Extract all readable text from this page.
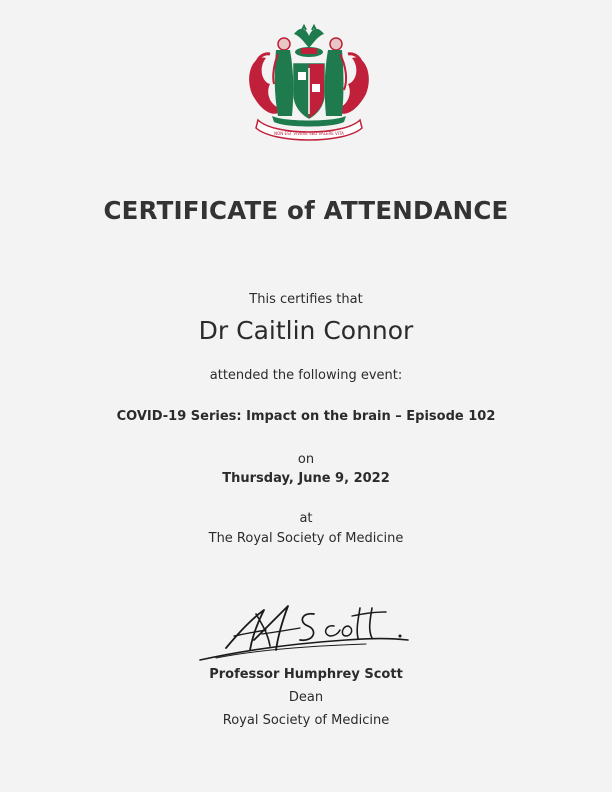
NON EST VIVERE SED VALERE VITA
CERTIFICATE of ATTENDANCE
This certifies that
Dr Caitlin Connor
attended the following event:
COVID-19 Series: Impact on the brain – Episode 102
on
Thursday, June 9, 2022
at
The Royal Society of Medicine
Professor Humphrey Scott
Dean
Royal Society of Medicine
